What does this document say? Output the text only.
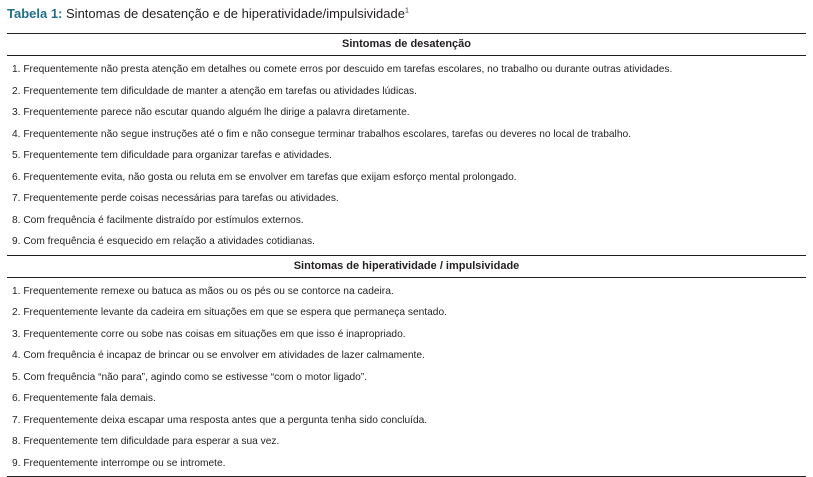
Tabela 1: Sintomas de desatenção e de hiperatividade/impulsividade$^1$
Sintomas de desatenção
1. Frequentemente não presta atenção em detalhes ou comete erros por descuido em tarefas escolares, no trabalho ou durante outras atividades.
2. Frequentemente tem dificuldade de manter a atenção em tarefas ou atividades lúdicas.
3. Frequentemente parece não escutar quando alguém lhe dirige a palavra diretamente.
4. Frequentemente não segue instruções até o fim e não consegue terminar trabalhos escolares, tarefas ou deveres no local de trabalho.
5. Frequentemente tem dificuldade para organizar tarefas e atividades.
6. Frequentemente evita, não gosta ou reluta em se envolver em tarefas que exijam esforço mental prolongado.
7. Frequentemente perde coisas necessárias para tarefas ou atividades.
8. Com frequência é facilmente distraído por estímulos externos.
9. Com frequência é esquecido em relação a atividades cotidianas.
Sintomas de hiperatividade / impulsividade
1. Frequentemente remexe ou batuca as mãos ou os pés ou se contorce na cadeira.
2. Frequentemente levante da cadeira em situações em que se espera que permaneça sentado.
3. Frequentemente corre ou sobe nas coisas em situações em que isso é inapropriado.
4. Com frequência é incapaz de brincar ou se envolver em atividades de lazer calmamente.
5. Com frequência “não para”, agindo como se estivesse “com o motor ligado”.
6. Frequentemente fala demais.
7. Frequentemente deixa escapar uma resposta antes que a pergunta tenha sido concluída.
8. Frequentemente tem dificuldade para esperar a sua vez.
9. Frequentemente interrompe ou se intromete.
